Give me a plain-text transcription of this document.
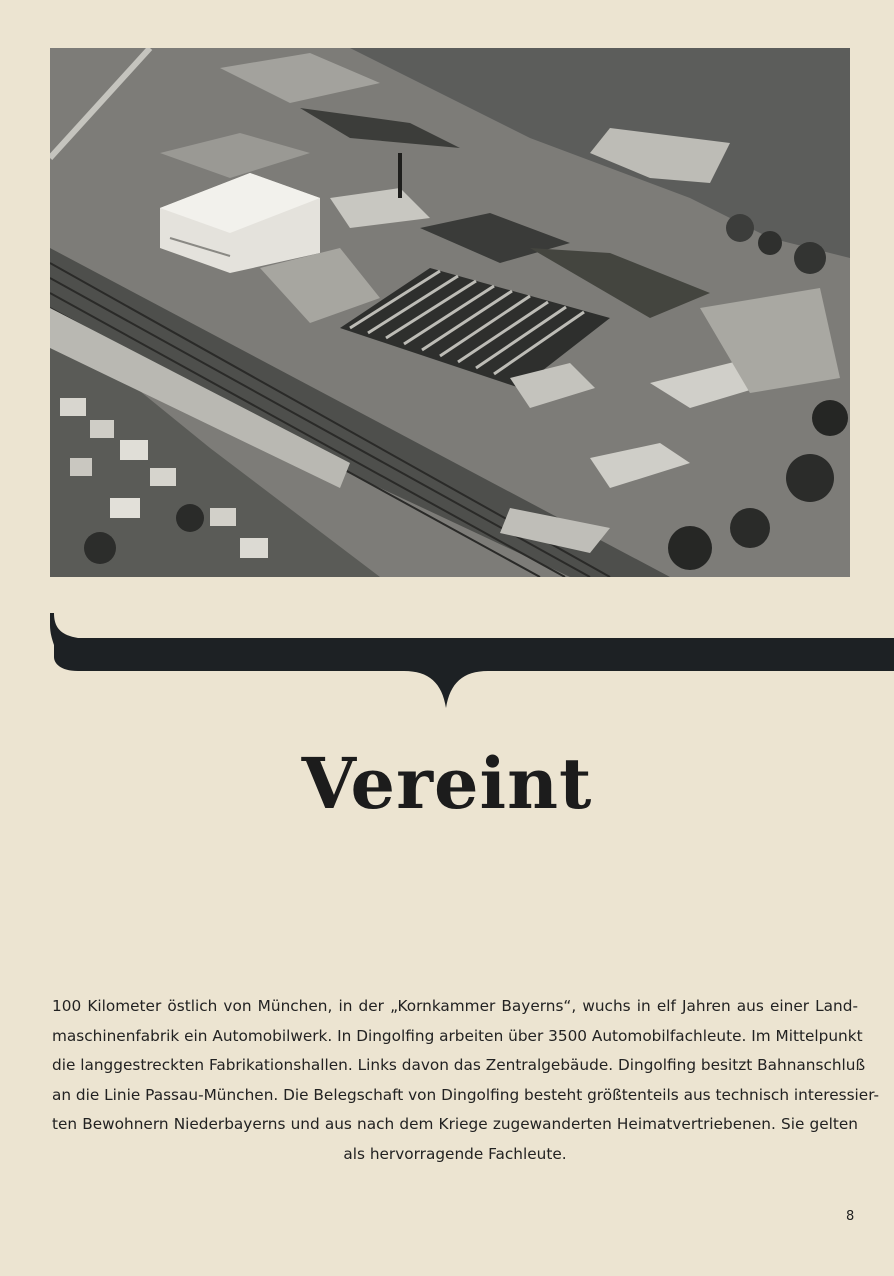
Vereint
100 Kilometer östlich von München, in der „Kornkammer Bayerns“, wuchs in elf Jahren aus einer Land-
maschinenfabrik ein Automobilwerk. In Dingolfing arbeiten über 3500 Automobilfachleute. Im Mittelpunkt
die langgestreckten Fabrikationshallen. Links davon das Zentralgebäude. Dingolfing besitzt Bahnanschluß
an die Linie Passau-München. Die Belegschaft von Dingolfing besteht größtenteils aus technisch interessier-
ten Bewohnern Niederbayerns und aus nach dem Kriege zugewanderten Heimatvertriebenen. Sie gelten
als hervorragende Fachleute.
8
